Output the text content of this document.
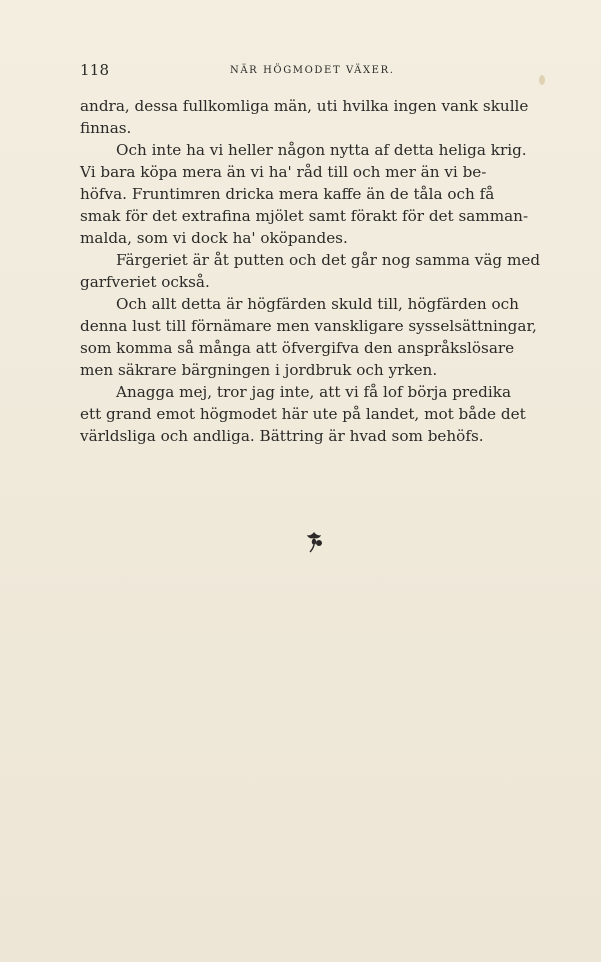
118	NÄR HÖGMODET VÄXER.
andra, dessa fullkomliga män, uti hvilka ingen vank skulle
finnas.
Och inte ha vi heller någon nytta af detta heliga krig.
Vi bara köpa mera än vi ha' råd till och mer än vi be-
höfva. Fruntimren dricka mera kaffe än de tåla och få
smak för det extrafina mjölet samt förakt för det samman-
malda, som vi dock ha' oköpandes.
Färgeriet är åt putten och det går nog samma väg med
garfveriet också.
Och allt detta är högfärden skuld till, högfärden och
denna lust till förnämare men vanskligare sysselsättningar,
som komma så många att öfvergifva den anspråkslösare
men säkrare bärgningen i jordbruk och yrken.
Anagga mej, tror jag inte, att vi få lof börja predika
ett grand emot högmodet här ute på landet, mot både det
världsliga och andliga. Bättring är hvad som behöfs.
